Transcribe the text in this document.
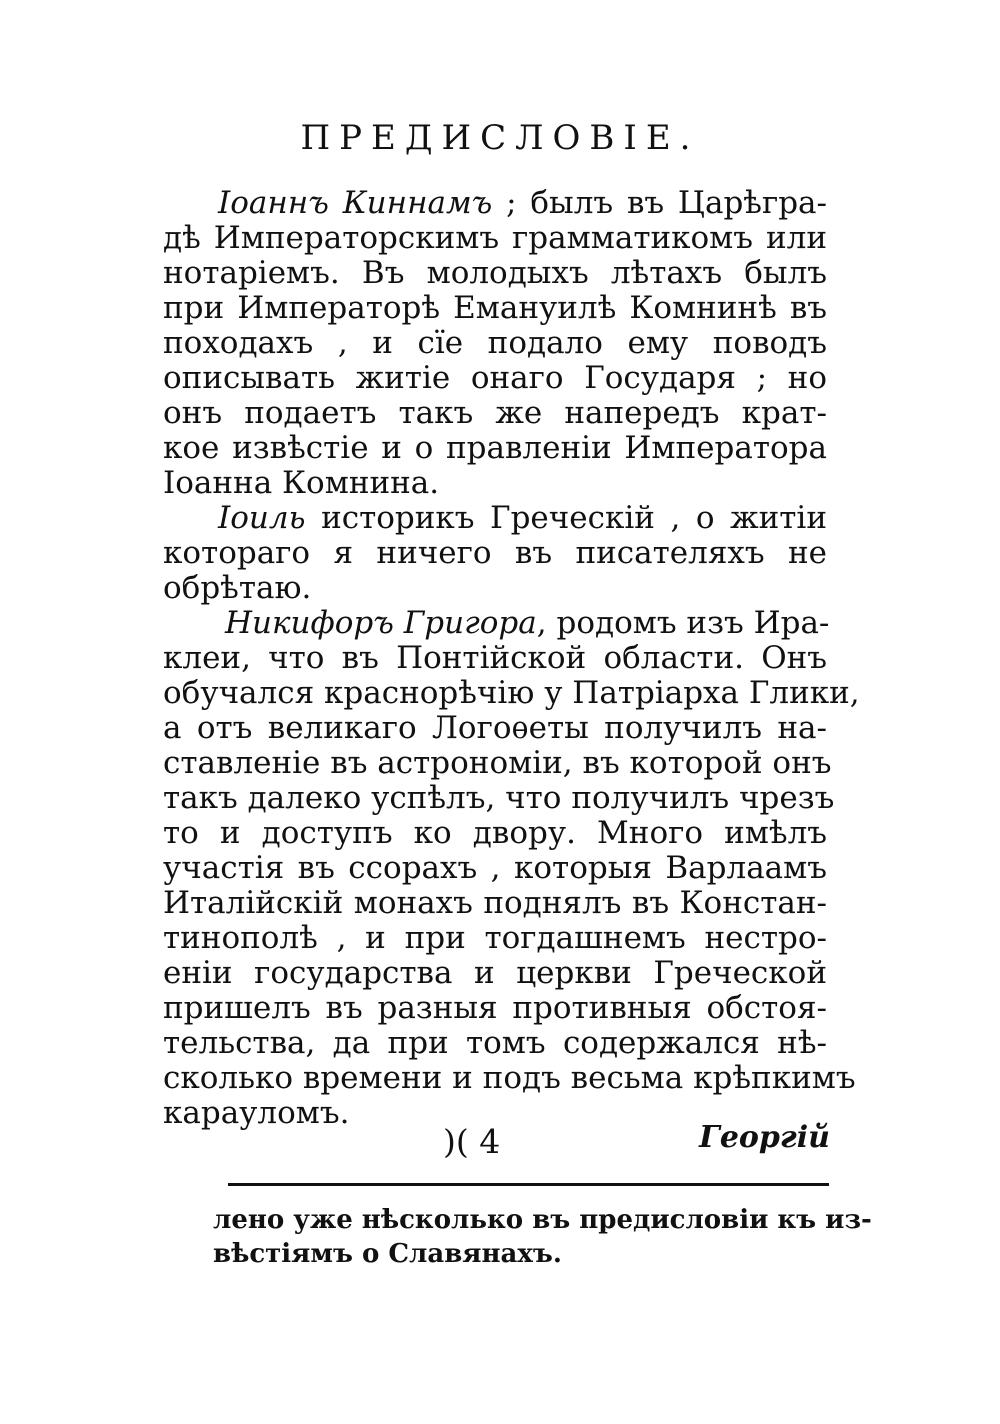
ПРЕДИСЛОВІЕ.
Іоаннъ Киннамъ ; былъ въ Царѣгра-
дѣ Императорскимъ грамматикомъ или
нотаріемъ. Въ молодыхъ лѣтахъ былъ
при Императорѣ Емануилѣ Комнинѣ въ
походахъ , и сїе подало ему поводъ
описывать житіе онаго Государя ; но
онъ подаетъ такъ же напередъ крат-
кое извѣстіе и о правленіи Императора
Іоанна Комнина.
Іоиль историкъ Греческій , о житіи
котораго я ничего въ писателяхъ не
обрѣтаю.
Никифоръ Григора, родомъ изъ Ира-
клеи, что въ Понтійской области. Онъ
обучался краснорѣчію у Патріарха Глики,
а отъ великаго Логоѳеты получилъ на-
ставленіе въ астрономіи, въ которой онъ
такъ далеко успѣлъ, что получилъ чрезъ
то и доступъ ко двору. Много имѣлъ
участія въ ссорахъ , которыя Варлаамъ
Италійскій монахъ поднялъ въ Констан-
тинополѣ , и при тогдашнемъ нестро-
еніи государства и церкви Греческой
пришелъ въ разныя противныя обстоя-
тельства, да при томъ содержался нѣ-
сколько времени и подъ весьма крѣпкимъ
карауломъ.
)( 4	Георгій
лено уже нѣсколько въ предисловіи къ из-
вѣстіямъ о Славянахъ.
